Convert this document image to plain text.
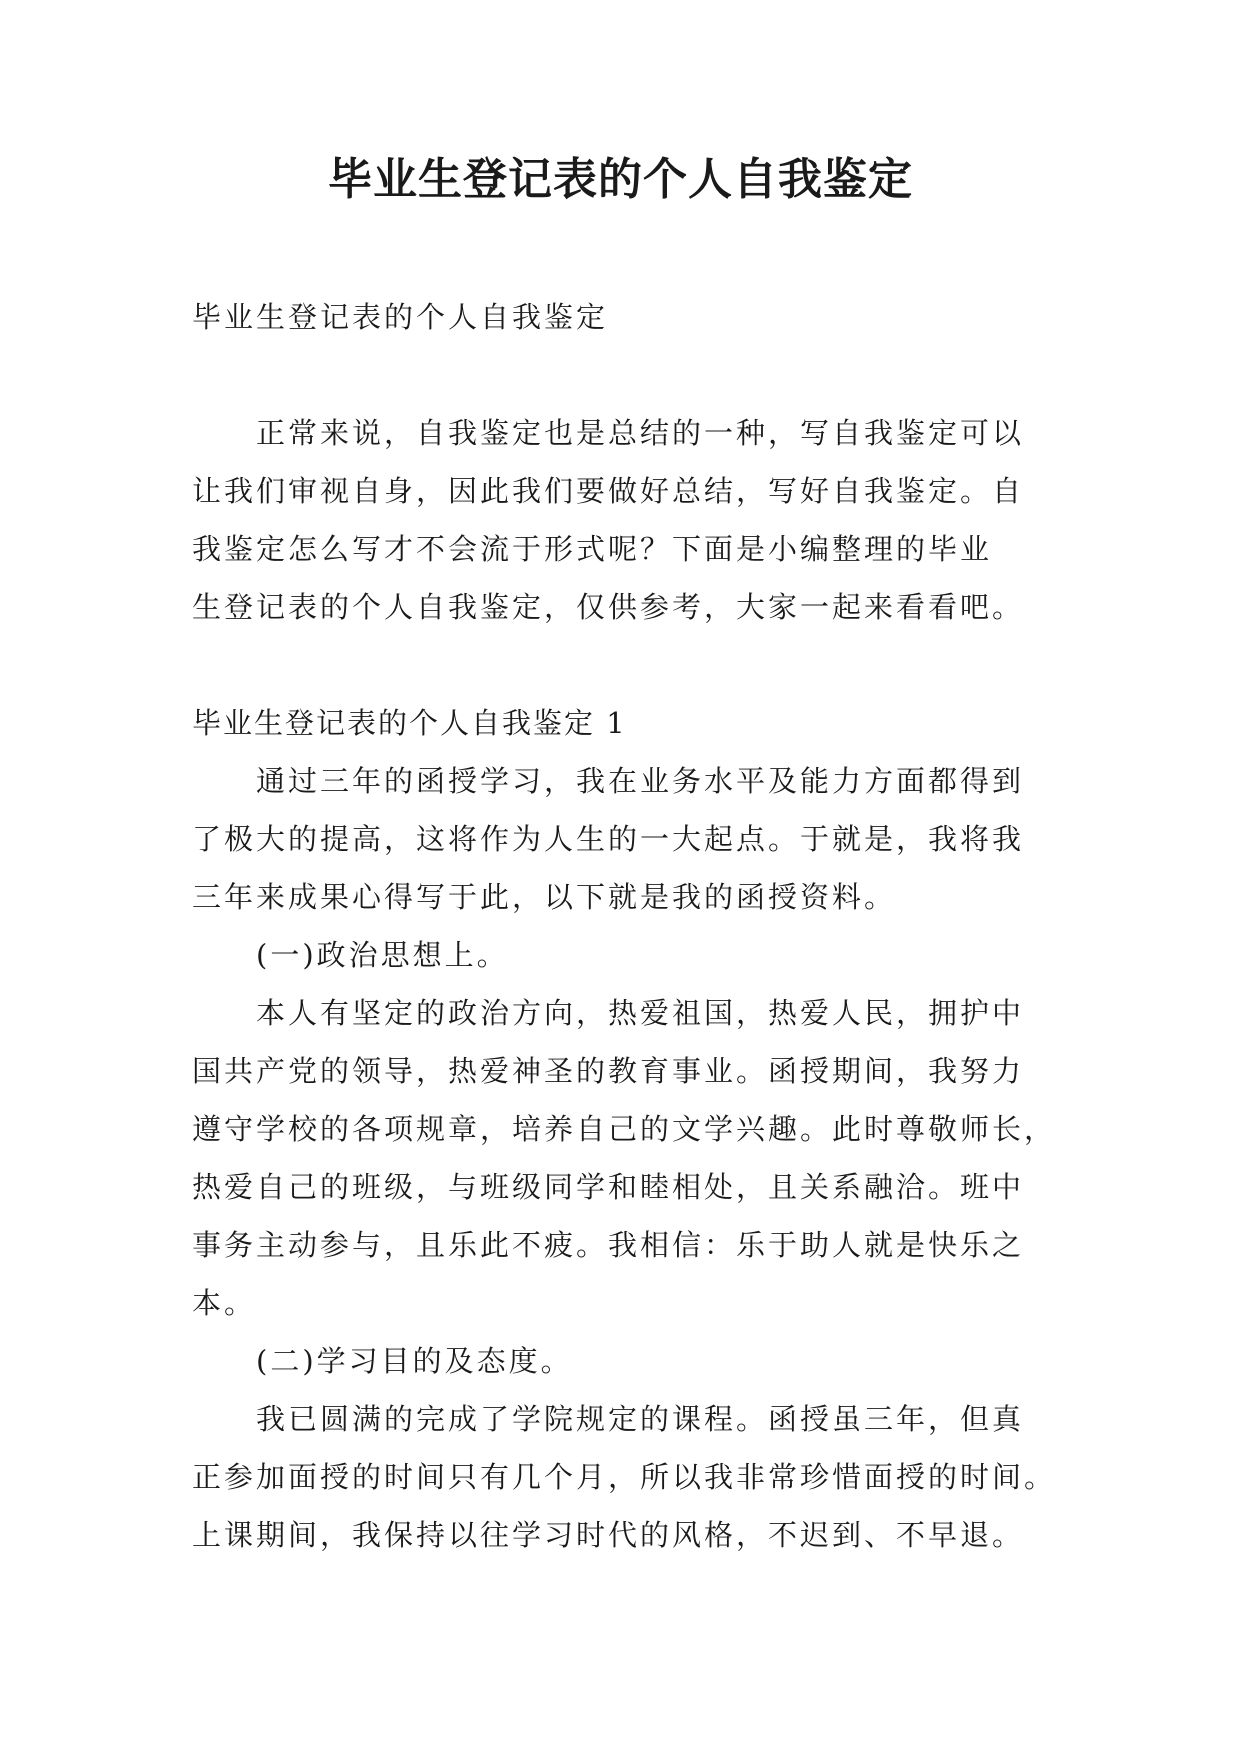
毕业生登记表的个人自我鉴定

毕业生登记表的个人自我鉴定

正常来说，自我鉴定也是总结的一种，写自我鉴定可以
让我们审视自身，因此我们要做好总结，写好自我鉴定。自
我鉴定怎么写才不会流于形式呢？下面是小编整理的毕业
生登记表的个人自我鉴定，仅供参考，大家一起来看看吧。

毕业生登记表的个人自我鉴定 1

通过三年的函授学习，我在业务水平及能力方面都得到
了极大的提高，这将作为人生的一大起点。于就是，我将我
三年来成果心得写于此，以下就是我的函授资料。

(一)政治思想上。

本人有坚定的政治方向，热爱祖国，热爱人民，拥护中
国共产党的领导，热爱神圣的教育事业。函授期间，我努力
遵守学校的各项规章，培养自己的文学兴趣。此时尊敬师长，
热爱自己的班级，与班级同学和睦相处，且关系融洽。班中
事务主动参与，且乐此不疲。我相信：乐于助人就是快乐之
本。

(二)学习目的及态度。

我已圆满的完成了学院规定的课程。函授虽三年，但真
正参加面授的时间只有几个月，所以我非常珍惜面授的时间。
上课期间，我保持以往学习时代的风格，不迟到、不早退。
